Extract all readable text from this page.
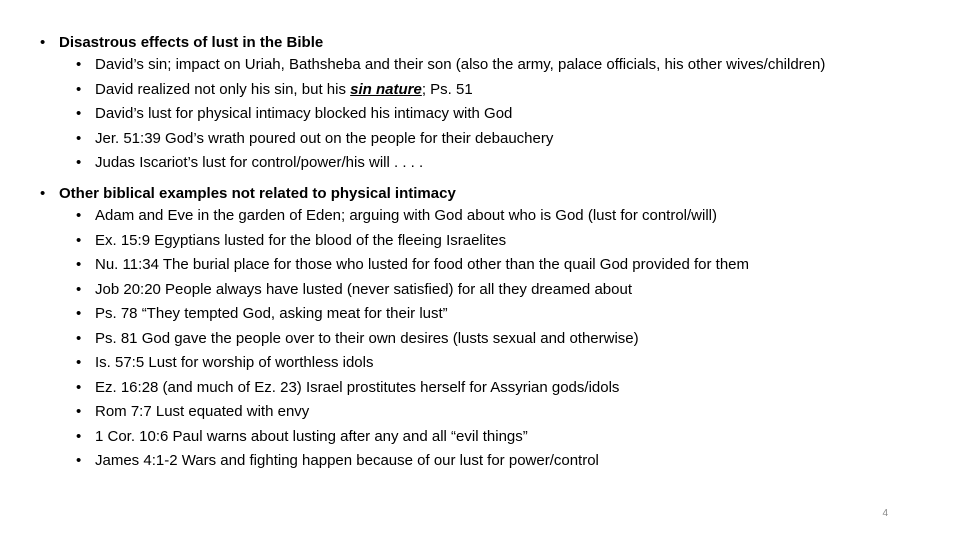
• Disastrous effects of lust in the Bible
• David’s sin; impact on Uriah, Bathsheba and their son (also the army, palace officials, his other wives/children)
• David realized not only his sin, but his sin nature; Ps. 51
• David’s lust for physical intimacy blocked his intimacy with God
• Jer. 51:39 God’s wrath poured out on the people for their debauchery
• Judas Iscariot’s lust for control/power/his will . . . .
• Other biblical examples not related to physical intimacy
• Adam and Eve in the garden of Eden; arguing with God about who is God (lust for control/will)
• Ex. 15:9 Egyptians lusted for the blood of the fleeing Israelites
• Nu. 11:34 The burial place for those who lusted for food other than the quail God provided for them
• Job 20:20 People always have lusted (never satisfied) for all they dreamed about
• Ps. 78 “They tempted God, asking meat for their lust”
• Ps. 81 God gave the people over to their own desires (lusts sexual and otherwise)
• Is. 57:5 Lust for worship of worthless idols
• Ez. 16:28 (and much of Ez. 23) Israel prostitutes herself for Assyrian gods/idols
• Rom 7:7 Lust equated with envy
• 1 Cor. 10:6 Paul warns about lusting after any and all “evil things”
• James 4:1-2 Wars and fighting happen because of our lust for power/control
4
